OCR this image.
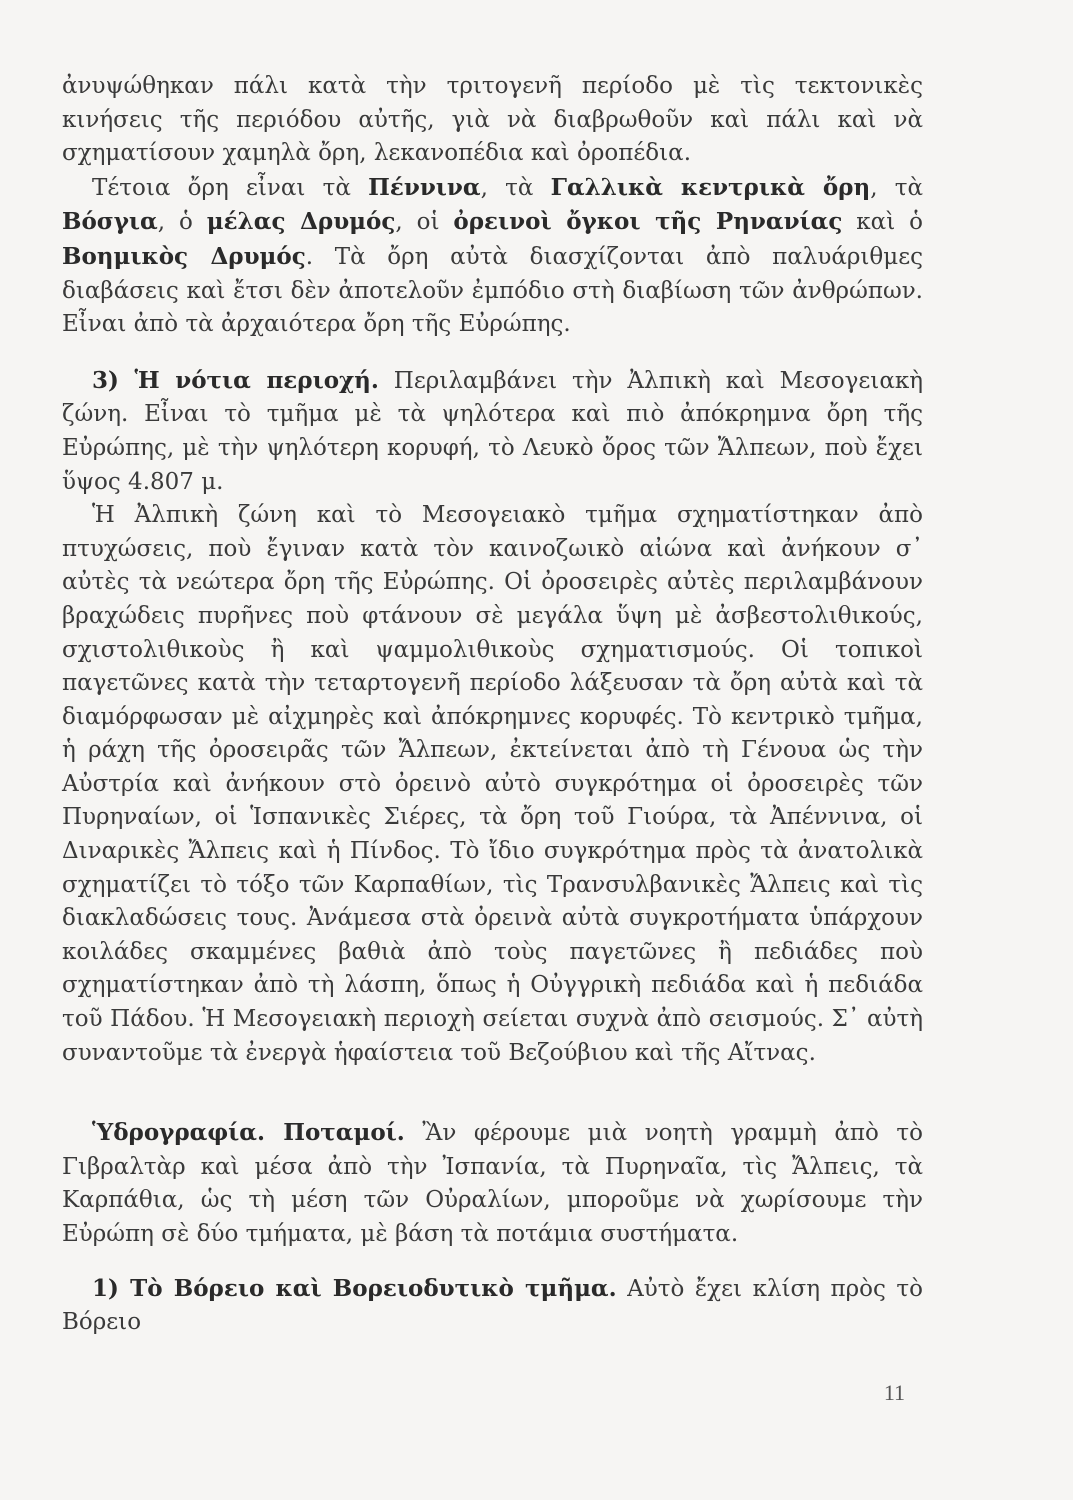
ἀνυψώθηκαν πάλι κατὰ τὴν τριτογενῆ περίοδο μὲ τὶς τεκτονικὲς κινήσεις τῆς περιόδου αὐτῆς, γιὰ νὰ διαβρωθοῦν καὶ πάλι καὶ νὰ σχηματίσουν χαμηλὰ ὄρη, λεκανοπέδια καὶ ὀροπέδια.

Τέτοια ὄρη εἶναι τὰ Πέννινα, τὰ Γαλλικὰ κεντρικὰ ὄρη, τὰ Βόσγια, ὁ μέλας Δρυμός, οἱ ὀρεινοὶ ὄγκοι τῆς Ρηνανίας καὶ ὁ Βοημικὸς Δρυμός. Τὰ ὄρη αὐτὰ διασχίζονται ἀπὸ παλυάριθμες διαβάσεις καὶ ἔτσι δὲν ἀποτελοῦν ἐμπόδιο στὴ διαβίωση τῶν ἀνθρώπων. Εἶναι ἀπὸ τὰ ἀρχαιότερα ὄρη τῆς Εὐρώπης.

3) Ἡ νότια περιοχή. Περιλαμβάνει τὴν Ἀλπικὴ καὶ Μεσογειακὴ ζώνη. Εἶναι τὸ τμῆμα μὲ τὰ ψηλότερα καὶ πιὸ ἀπόκρημνα ὄρη τῆς Εὐρώπης, μὲ τὴν ψηλότερη κορυφή, τὸ Λευκὸ ὄρος τῶν Ἄλπεων, ποὺ ἔχει ὕψος 4.807 μ.

Ἡ Ἀλπικὴ ζώνη καὶ τὸ Μεσογειακὸ τμῆμα σχηματίστηκαν ἀπὸ πτυχώσεις, ποὺ ἔγιναν κατὰ τὸν καινοζωικὸ αἰώνα καὶ ἀνήκουν σ᾽ αὐτὲς τὰ νεώτερα ὄρη τῆς Εὐρώπης. Οἱ ὀροσειρὲς αὐτὲς περιλαμβάνουν βραχώδεις πυρῆνες ποὺ φτάνουν σὲ μεγάλα ὕψη μὲ ἀσβεστολιθικούς, σχιστολιθικοὺς ἢ καὶ ψαμμολιθικοὺς σχηματισμούς. Οἱ τοπικοὶ παγετῶνες κατὰ τὴν τεταρτογενῆ περίοδο λάξευσαν τὰ ὄρη αὐτὰ καὶ τὰ διαμόρφωσαν μὲ αἰχμηρὲς καὶ ἀπόκρημνες κορυφές. Τὸ κεντρικὸ τμῆμα, ἡ ράχη τῆς ὀροσειρᾶς τῶν Ἄλπεων, ἐκτείνεται ἀπὸ τὴ Γένουα ὡς τὴν Αὐστρία καὶ ἀνήκουν στὸ ὀρεινὸ αὐτὸ συγκρότημα οἱ ὀροσειρὲς τῶν Πυρηναίων, οἱ Ἱσπανικὲς Σιέρες, τὰ ὄρη τοῦ Γιούρα, τὰ Ἀπέννινα, οἱ Διναρικὲς Ἄλπεις καὶ ἡ Πίνδος. Τὸ ἴδιο συγκρότημα πρὸς τὰ ἀνατολικὰ σχηματίζει τὸ τόξο τῶν Καρπαθίων, τὶς Τρανσυλβανικὲς Ἄλπεις καὶ τὶς διακλαδώσεις τους. Ἀνάμεσα στὰ ὀρεινὰ αὐτὰ συγκροτήματα ὑπάρχουν κοιλάδες σκαμμένες βαθιὰ ἀπὸ τοὺς παγετῶνες ἢ πεδιάδες ποὺ σχηματίστηκαν ἀπὸ τὴ λάσπη, ὅπως ἡ Οὐγγρικὴ πεδιάδα καὶ ἡ πεδιάδα τοῦ Πάδου. Ἡ Μεσογειακὴ περιοχὴ σείεται συχνὰ ἀπὸ σεισμούς. Σ᾽ αὐτὴ συναντοῦμε τὰ ἐνεργὰ ἡφαίστεια τοῦ Βεζούβιου καὶ τῆς Αἴτνας.

Ὑδρογραφία. Ποταμοί. Ἂν φέρουμε μιὰ νοητὴ γραμμὴ ἀπὸ τὸ Γιβραλτὰρ καὶ μέσα ἀπὸ τὴν Ἰσπανία, τὰ Πυρηναῖα, τὶς Ἄλπεις, τὰ Καρπάθια, ὡς τὴ μέση τῶν Οὐραλίων, μποροῦμε νὰ χωρίσουμε τὴν Εὐρώπη σὲ δύο τμήματα, μὲ βάση τὰ ποτάμια συστήματα.

1) Τὸ Βόρειο καὶ Βορειοδυτικὸ τμῆμα. Αὐτὸ ἔχει κλίση πρὸς τὸ Βόρειο

11
